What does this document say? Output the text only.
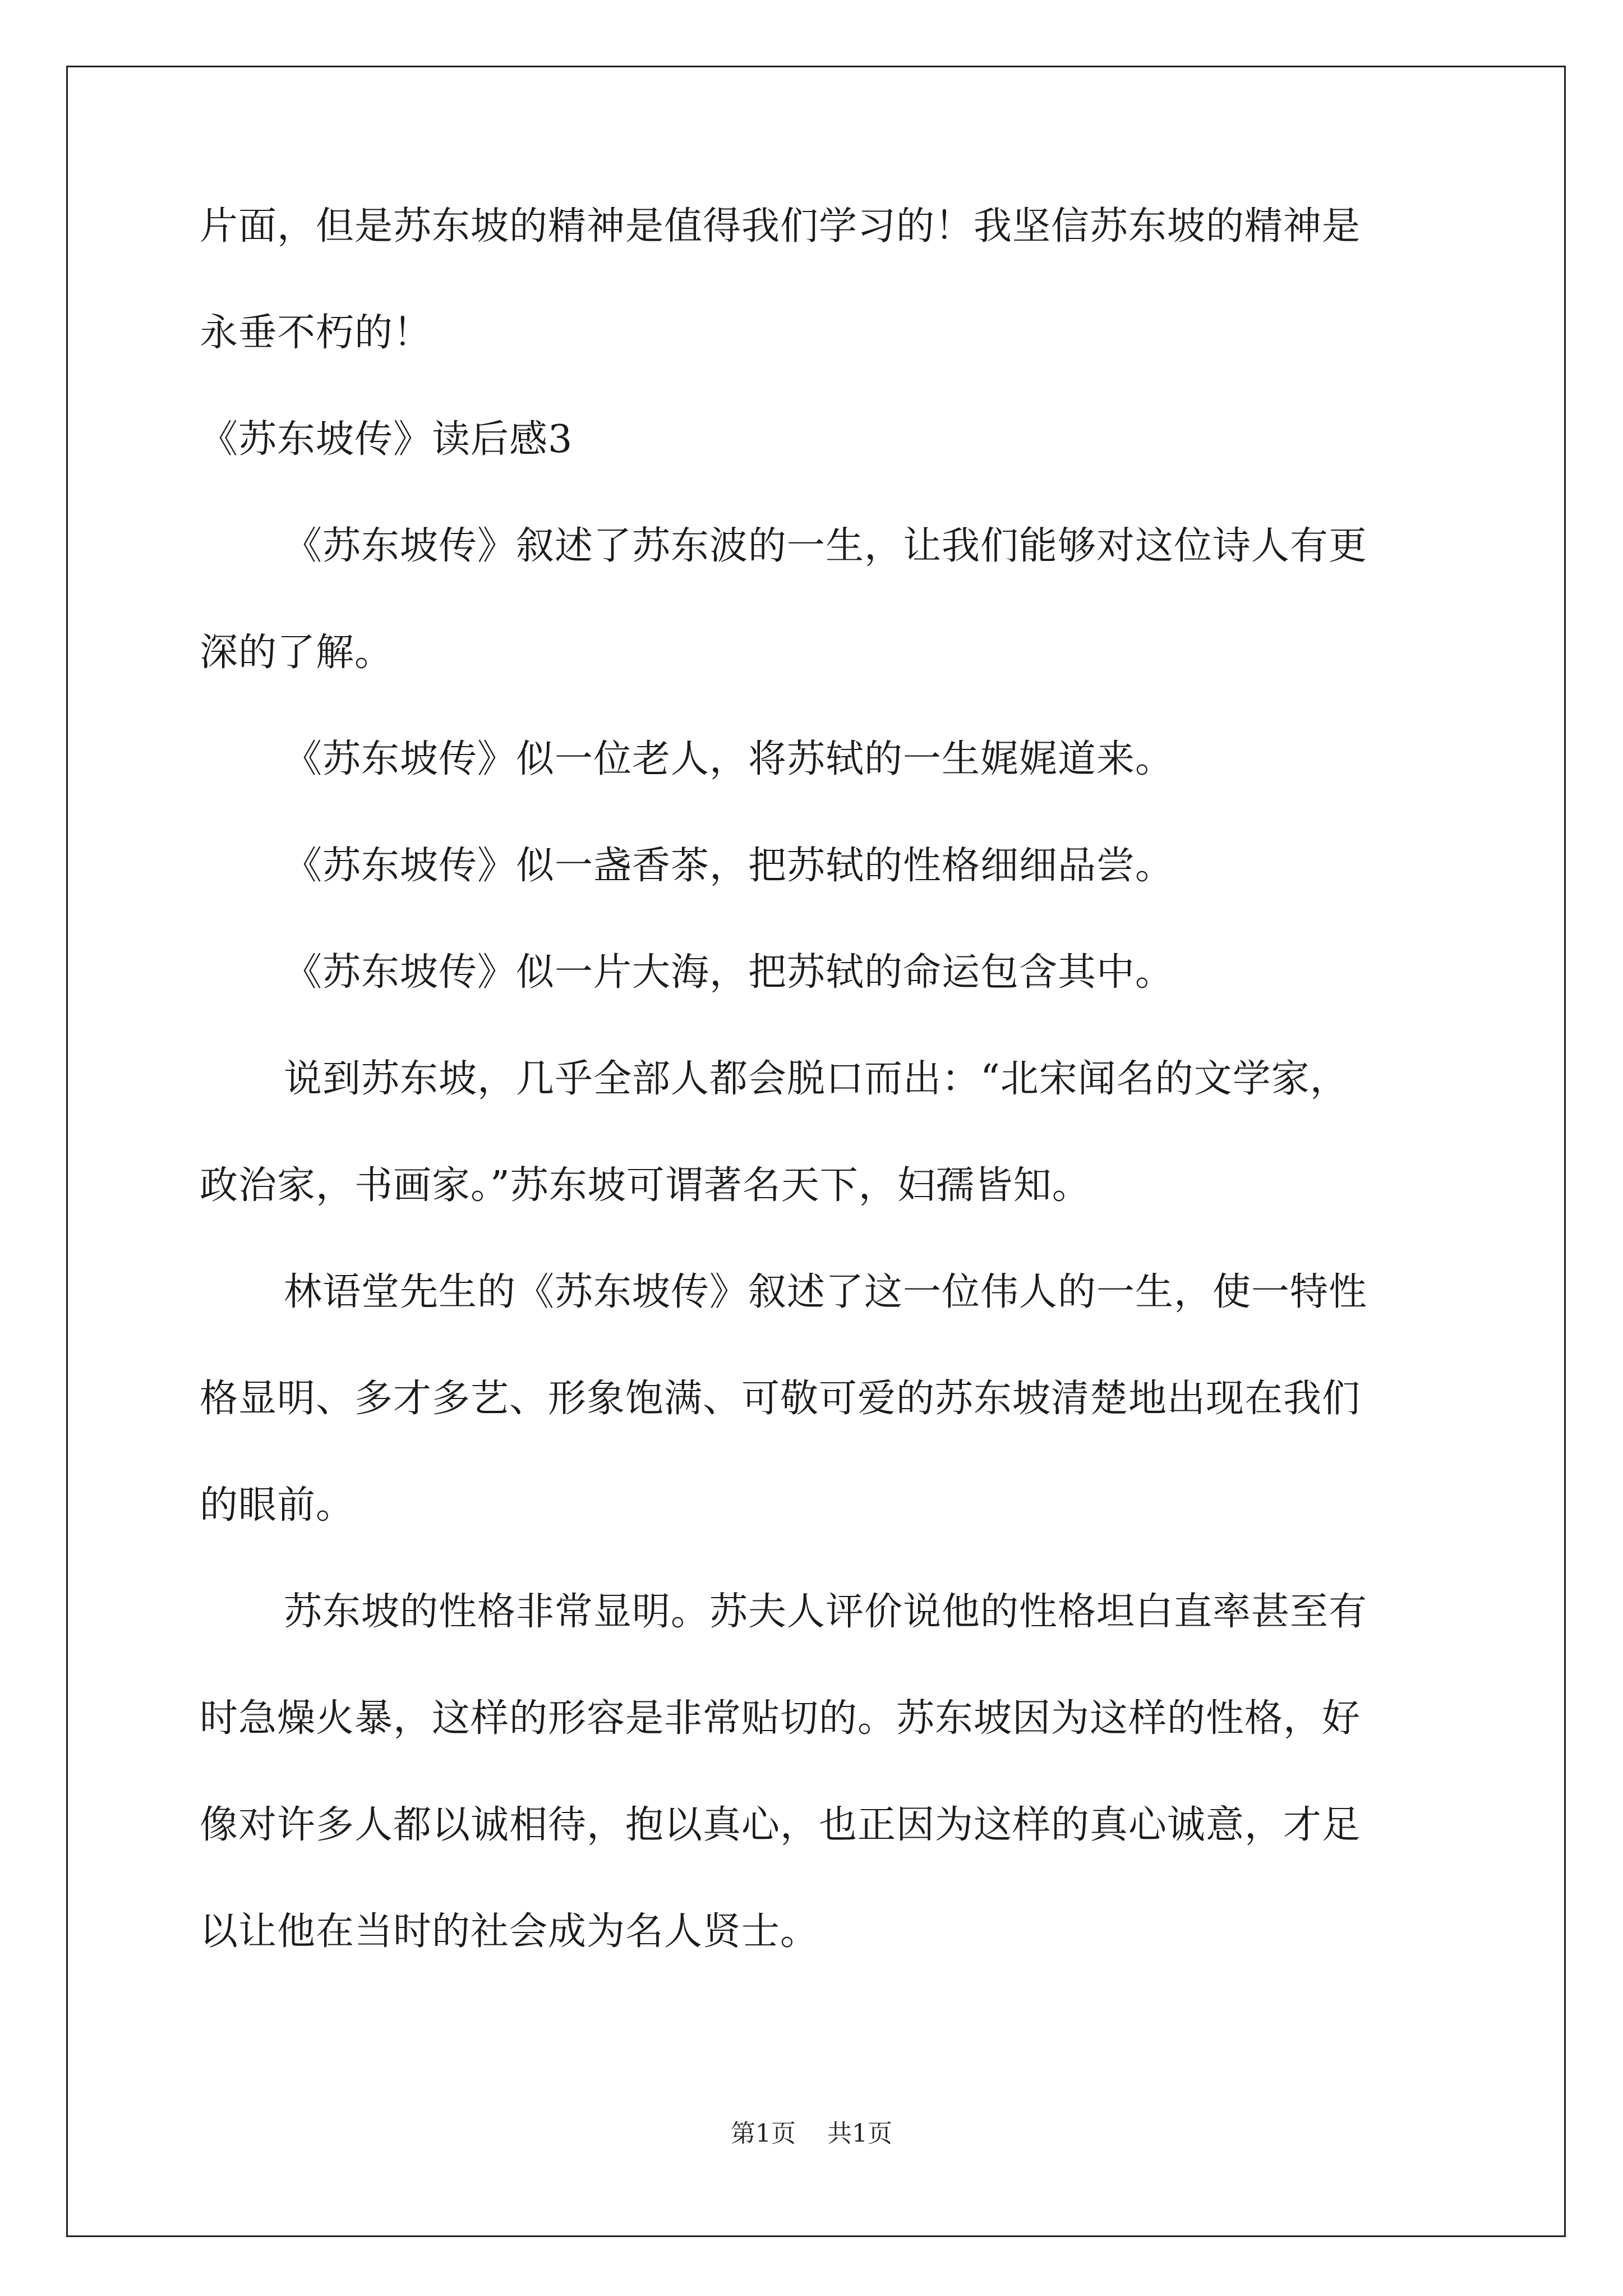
片面，但是苏东坡的精神是值得我们学习的！我坚信苏东坡的精神是
永垂不朽的！
《苏东坡传》读后感3
《苏东坡传》叙述了苏东波的一生，让我们能够对这位诗人有更
深的了解。
《苏东坡传》似一位老人，将苏轼的一生娓娓道来。
《苏东坡传》似一盏香茶，把苏轼的性格细细品尝。
《苏东坡传》似一片大海，把苏轼的命运包含其中。
说到苏东坡，几乎全部人都会脱口而出：“北宋闻名的文学家，
政治家，书画家。”苏东坡可谓著名天下，妇孺皆知。
林语堂先生的《苏东坡传》叙述了这一位伟人的一生，使一特性
格显明、多才多艺、形象饱满、可敬可爱的苏东坡清楚地出现在我们
的眼前。
苏东坡的性格非常显明。苏夫人评价说他的性格坦白直率甚至有
时急燥火暴，这样的形容是非常贴切的。苏东坡因为这样的性格，好
像对许多人都以诚相待，抱以真心，也正因为这样的真心诚意，才足
以让他在当时的社会成为名人贤士。
第1页 共1页
